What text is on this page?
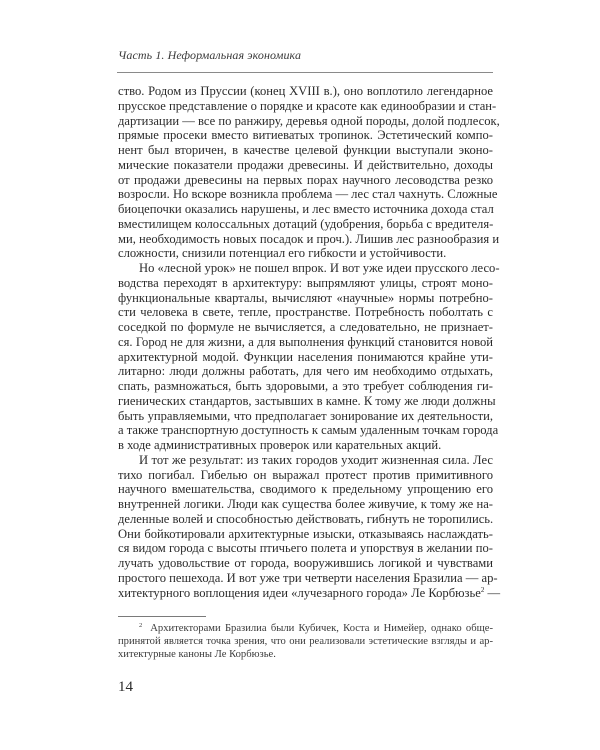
Часть 1. Неформальная экономика
ство. Родом из Пруссии (конец XVIII в.), оно воплотило легендарное
прусское представление о порядке и красоте как единообразии и стан-
дартизации — все по ранжиру, деревья одной породы, долой подлесок,
прямые просеки вместо витиеватых тропинок. Эстетический компо-
нент был вторичен, в качестве целевой функции выступали эконо-
мические показатели продажи древесины. И действительно, доходы
от продажи древесины на первых порах научного лесоводства резко
возросли. Но вскоре возникла проблема — лес стал чахнуть. Сложные
биоцепочки оказались нарушены, и лес вместо источника дохода стал
вместилищем колоссальных дотаций (удобрения, борьба с вредителя-
ми, необходимость новых посадок и проч.). Лишив лес разнообразия и
сложности, снизили потенциал его гибкости и устойчивости.
Но «лесной урок» не пошел впрок. И вот уже идеи прусского лесо-
водства переходят в архитектуру: выпрямляют улицы, строят моно-
функциональные кварталы, вычисляют «научные» нормы потребно-
сти человека в свете, тепле, пространстве. Потребность поболтать с
соседкой по формуле не вычисляется, а следовательно, не признает-
ся. Город не для жизни, а для выполнения функций становится новой
архитектурной модой. Функции населения понимаются крайне ути-
литарно: люди должны работать, для чего им необходимо отдыхать,
спать, размножаться, быть здоровыми, а это требует соблюдения ги-
гиенических стандартов, застывших в камне. К тому же люди должны
быть управляемыми, что предполагает зонирование их деятельности,
а также транспортную доступность к самым удаленным точкам города
в ходе административных проверок или карательных акций.
И тот же результат: из таких городов уходит жизненная сила. Лес
тихо погибал. Гибелью он выражал протест против примитивного
научного вмешательства, сводимого к предельному упрощению его
внутренней логики. Люди как существа более живучие, к тому же на-
деленные волей и способностью действовать, гибнуть не торопились.
Они бойкотировали архитектурные изыски, отказываясь наслаждать-
ся видом города с высоты птичьего полета и упорствуя в желании по-
лучать удовольствие от города, вооружившись логикой и чувствами
простого пешехода. И вот уже три четверти населения Бразилиа — ар-
хитектурного воплощения идеи «лучезарного города» Ле Корбюзье$^2$ —
$^2$ Архитекторами Бразилиа были Кубичек, Коста и Нимейер, однако обще-
принятой является точка зрения, что они реализовали эстетические взгляды и ар-
хитектурные каноны Ле Корбюзье.
14
